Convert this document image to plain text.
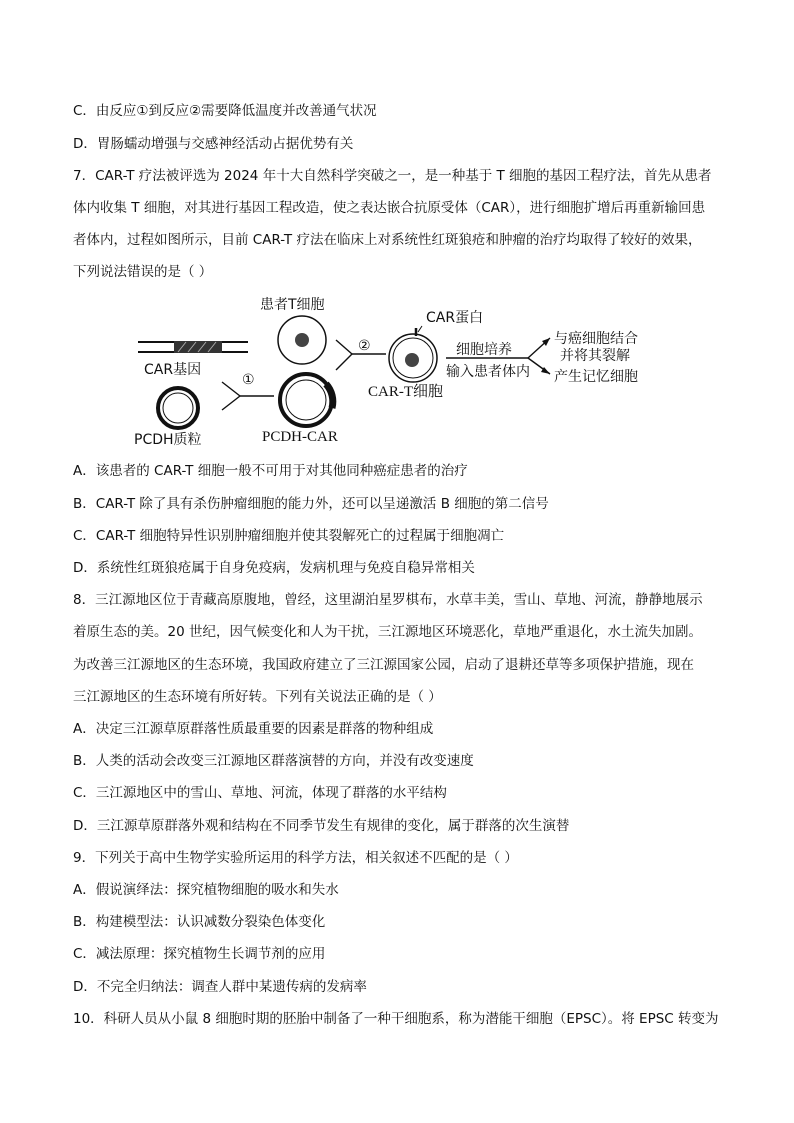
C．由反应①到反应②需要降低温度并改善通气状况
D．胃肠蠕动增强与交感神经活动占据优势有关
7．CAR-T 疗法被评选为 2024 年十大自然科学突破之一，是一种基于 T 细胞的基因工程疗法，首先从患者
体内收集 T 细胞，对其进行基因工程改造，使之表达嵌合抗原受体（CAR），进行细胞扩增后再重新输回患
者体内，过程如图所示，目前 CAR-T 疗法在临床上对系统性红斑狼疮和肿瘤的治疗均取得了较好的效果，
下列说法错误的是（ ）
CAR基因
PCDH质粒
①
PCDH-CAR
患者T细胞
②
CAR蛋白
CAR-T细胞
细胞培养
输入患者体内
与癌细胞结合
并将其裂解
产生记忆细胞
A．该患者的 CAR-T 细胞一般不可用于对其他同种癌症患者的治疗
B．CAR-T 除了具有杀伤肿瘤细胞的能力外，还可以呈递激活 B 细胞的第二信号
C．CAR-T 细胞特异性识别肿瘤细胞并使其裂解死亡的过程属于细胞凋亡
D．系统性红斑狼疮属于自身免疫病，发病机理与免疫自稳异常相关
8．三江源地区位于青藏高原腹地，曾经，这里湖泊星罗棋布，水草丰美，雪山、草地、河流，静静地展示
着原生态的美。20 世纪，因气候变化和人为干扰，三江源地区环境恶化，草地严重退化，水土流失加剧。
为改善三江源地区的生态环境，我国政府建立了三江源国家公园，启动了退耕还草等多项保护措施，现在
三江源地区的生态环境有所好转。下列有关说法正确的是（ ）
A．决定三江源草原群落性质最重要的因素是群落的物种组成
B．人类的活动会改变三江源地区群落演替的方向，并没有改变速度
C．三江源地区中的雪山、草地、河流，体现了群落的水平结构
D．三江源草原群落外观和结构在不同季节发生有规律的变化，属于群落的次生演替
9．下列关于高中生物学实验所运用的科学方法，相关叙述不匹配的是（ ）
A．假说演绎法：探究植物细胞的吸水和失水
B．构建模型法：认识减数分裂染色体变化
C．减法原理：探究植物生长调节剂的应用
D．不完全归纳法：调查人群中某遗传病的发病率
10．科研人员从小鼠 8 细胞时期的胚胎中制备了一种干细胞系，称为潜能干细胞（EPSC）。将 EPSC 转变为
